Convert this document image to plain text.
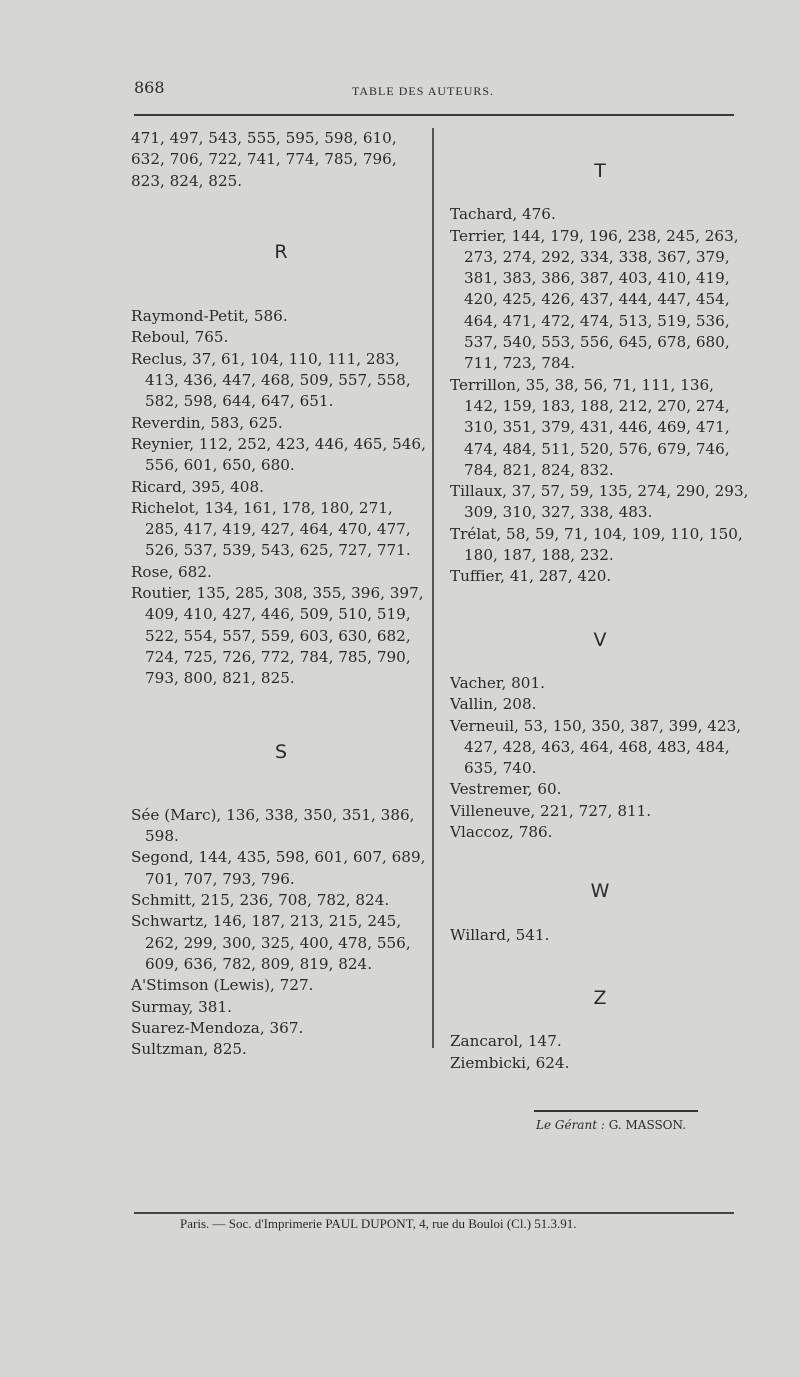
868	TABLE DES AUTEURS.
471, 497, 543, 555, 595, 598, 610,
632, 706, 722, 741, 774, 785, 796,
823, 824, 825.
R
Raymond-Petit, 586.
Reboul, 765.
Reclus, 37, 61, 104, 110, 111, 283, 413, 436, 447, 468, 509, 557, 558, 582, 598, 644, 647, 651.
Reverdin, 583, 625.
Reynier, 112, 252, 423, 446, 465, 546, 556, 601, 650, 680.
Ricard, 395, 408.
Richelot, 134, 161, 178, 180, 271, 285, 417, 419, 427, 464, 470, 477, 526, 537, 539, 543, 625, 727, 771.
Rose, 682.
Routier, 135, 285, 308, 355, 396, 397, 409, 410, 427, 446, 509, 510, 519, 522, 554, 557, 559, 603, 630, 682, 724, 725, 726, 772, 784, 785, 790, 793, 800, 821, 825.
S
Sée (Marc), 136, 338, 350, 351, 386, 598.
Segond, 144, 435, 598, 601, 607, 689, 701, 707, 793, 796.
Schmitt, 215, 236, 708, 782, 824.
Schwartz, 146, 187, 213, 215, 245, 262, 299, 300, 325, 400, 478, 556, 609, 636, 782, 809, 819, 824.
A'Stimson (Lewis), 727.
Surmay, 381.
Suarez-Mendoza, 367.
Sultzman, 825.
T
Tachard, 476.
Terrier, 144, 179, 196, 238, 245, 263, 273, 274, 292, 334, 338, 367, 379, 381, 383, 386, 387, 403, 410, 419, 420, 425, 426, 437, 444, 447, 454, 464, 471, 472, 474, 513, 519, 536, 537, 540, 553, 556, 645, 678, 680, 711, 723, 784.
Terrillon, 35, 38, 56, 71, 111, 136, 142, 159, 183, 188, 212, 270, 274, 310, 351, 379, 431, 446, 469, 471, 474, 484, 511, 520, 576, 679, 746, 784, 821, 824, 832.
Tillaux, 37, 57, 59, 135, 274, 290, 293, 309, 310, 327, 338, 483.
Trélat, 58, 59, 71, 104, 109, 110, 150, 180, 187, 188, 232.
Tuffier, 41, 287, 420.
V
Vacher, 801.
Vallin, 208.
Verneuil, 53, 150, 350, 387, 399, 423, 427, 428, 463, 464, 468, 483, 484, 635, 740.
Vestremer, 60.
Villeneuve, 221, 727, 811.
Vlaccoz, 786.
W
Willard, 541.
Z
Zancarol, 147.
Ziembicki, 624.
Le Gérant : G. MASSON.
Paris. — Soc. d'Imprimerie PAUL DUPONT, 4, rue du Bouloi (Cl.) 51.3.91.
